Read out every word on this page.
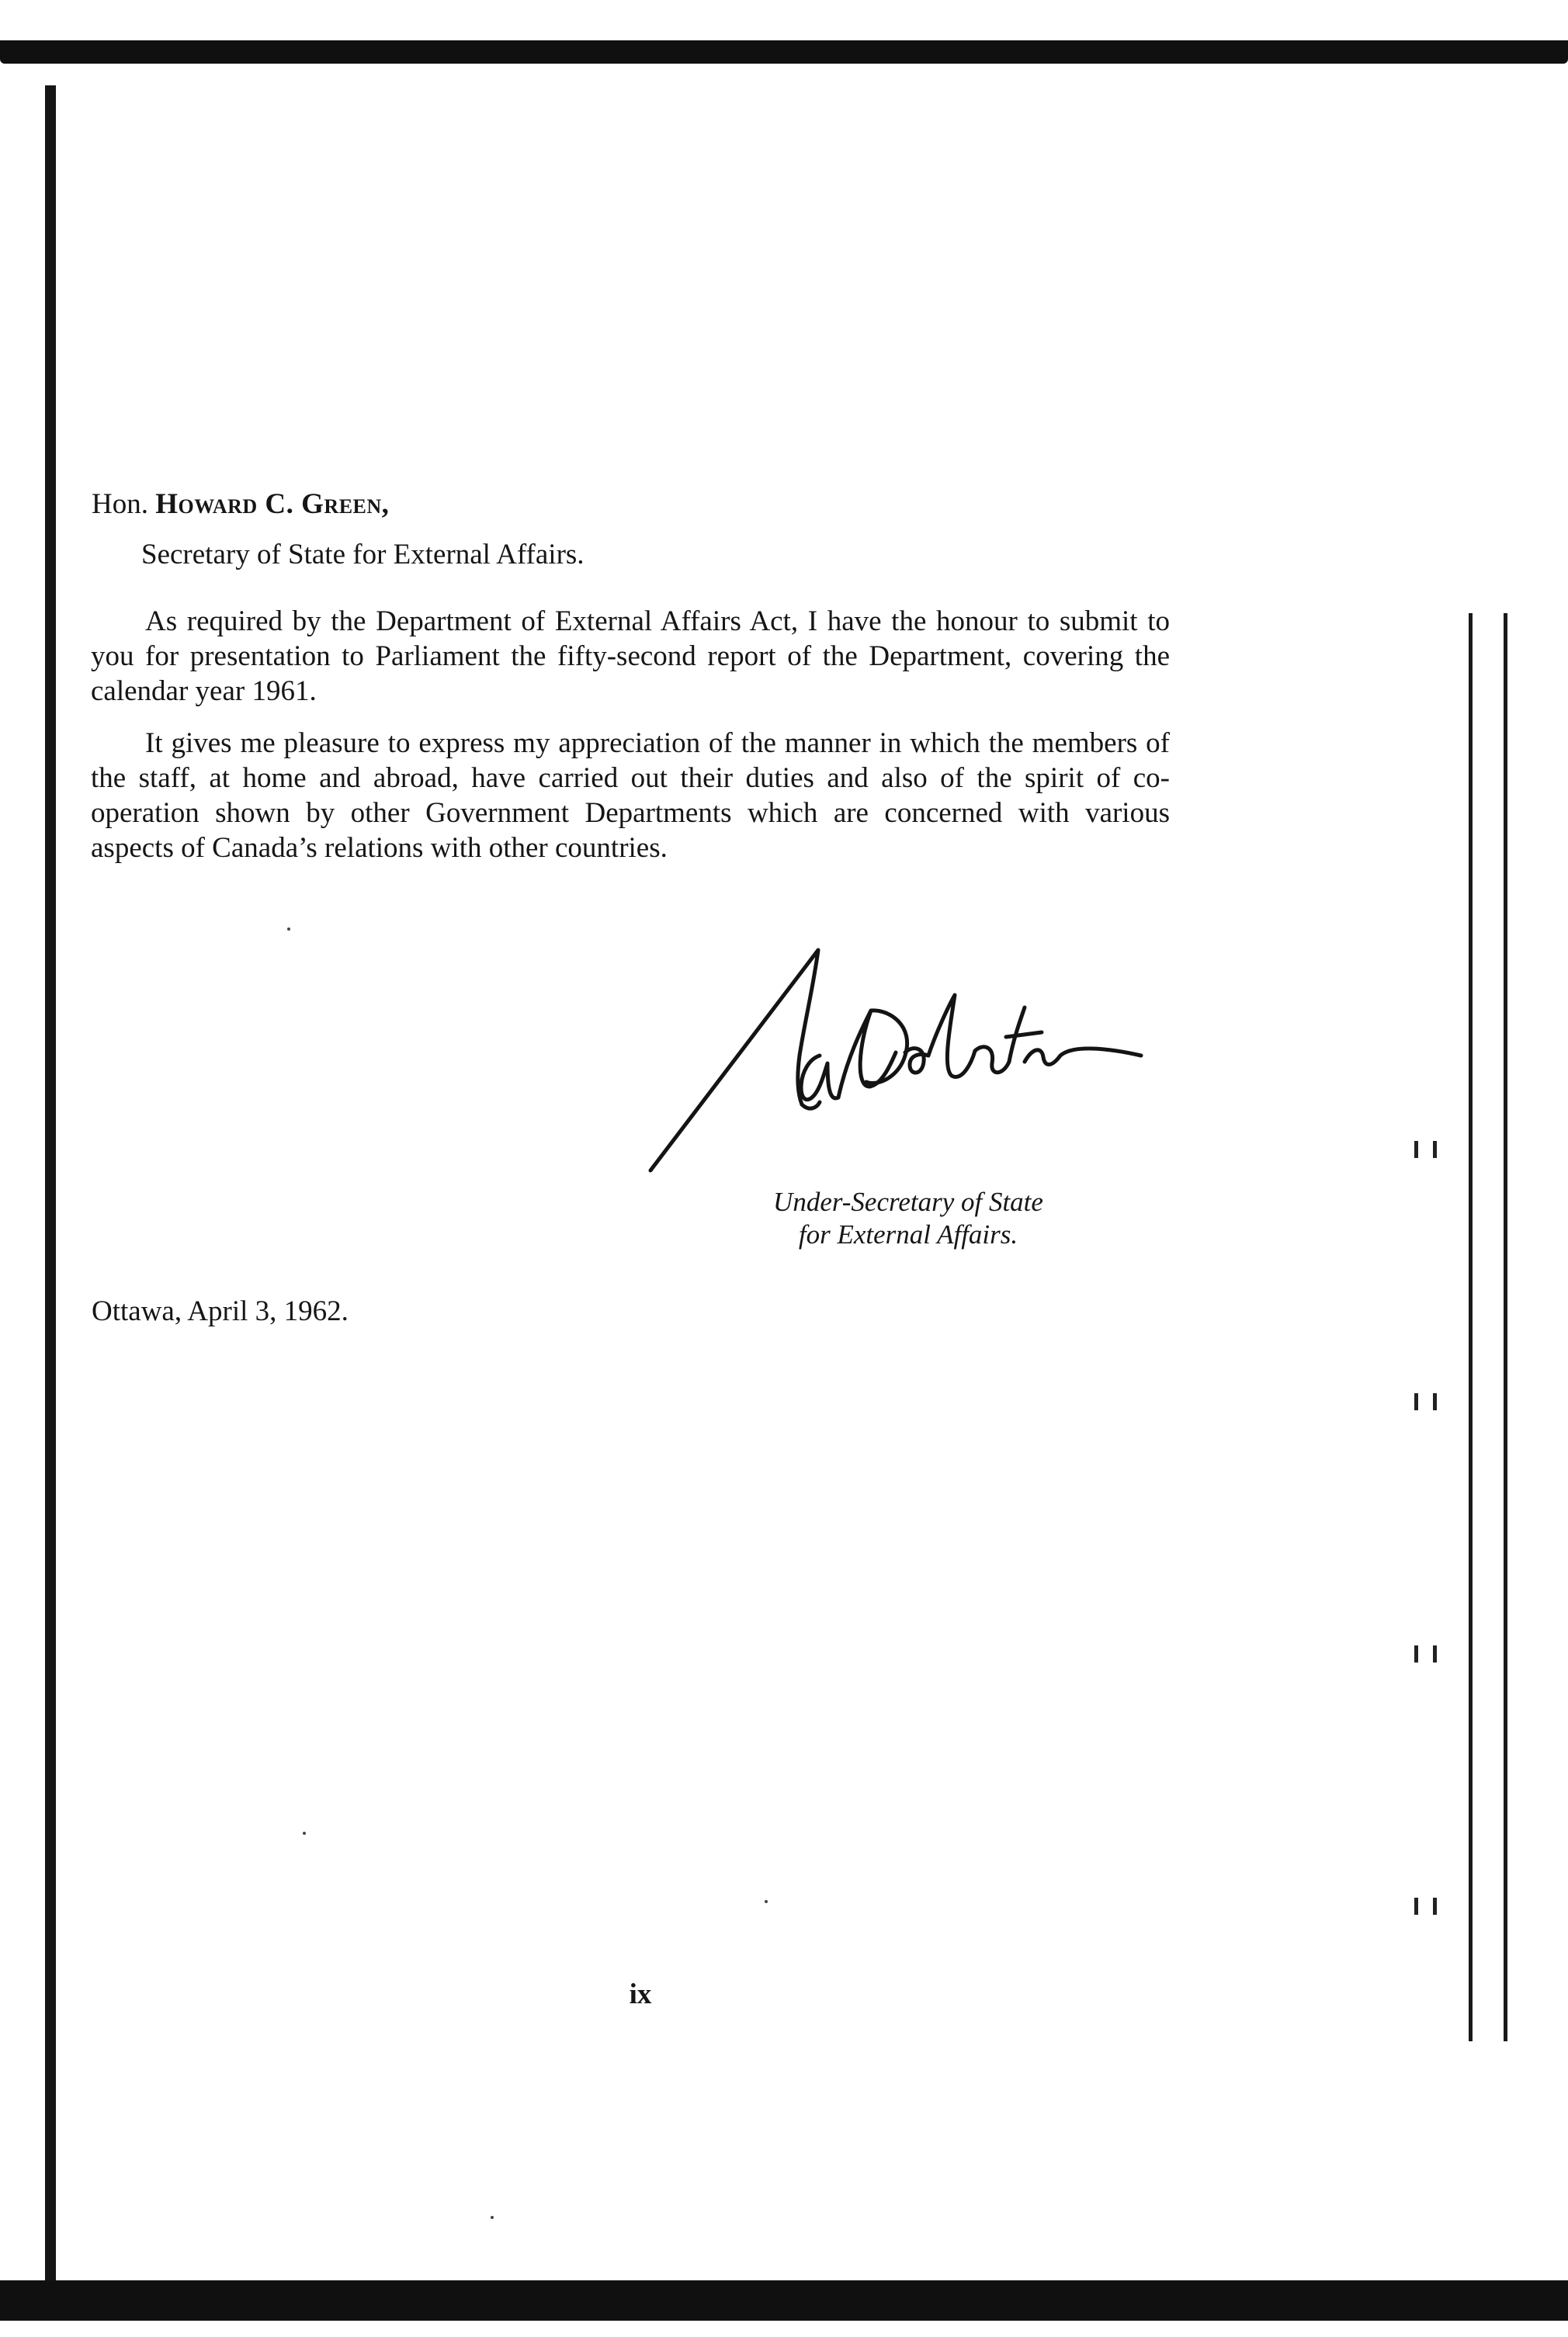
Hon. Howard C. Green,

Secretary of State for External Affairs.

As required by the Department of External Affairs Act, I have the honour to submit to you for presentation to Parliament the fifty-second report of the Department, covering the calendar year 1961.

It gives me pleasure to express my appreciation of the manner in which the members of the staff, at home and abroad, have carried out their duties and also of the spirit of co-operation shown by other Government Departments which are concerned with various aspects of Canada’s relations with other countries.

Under-Secretary of State
for External Affairs.

Ottawa, April 3, 1962.

ix
